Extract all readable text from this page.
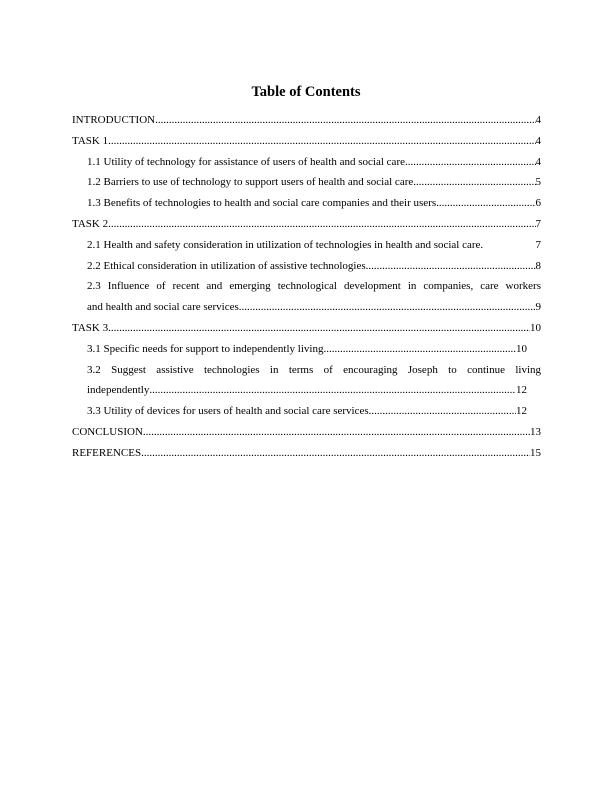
Table of Contents
INTRODUCTION .....	4
TASK 1 .....	4
1.1 Utility of technology for assistance of users of health and social care .....	4
1.2 Barriers to use of technology to support users of health and social care .....	5
1.3 Benefits of technologies to health and social care companies and their users .....	6
TASK 2 .....	7
2.1 Health and safety consideration in utilization of technologies in health and social care.	7
2.2 Ethical consideration in utilization of assistive technologies .....	8
2.3 Influence of recent and emerging technological development in companies, care workers
and health and social care services .....	9
TASK 3 .....	10
3.1 Specific needs for support to independently living .....	10
3.2 Suggest assistive technologies in terms of encouraging Joseph to continue living
independently .....	12
3.3 Utility of devices for users of health and social care services .....	12
CONCLUSION .....	13
REFERENCES .....	15
